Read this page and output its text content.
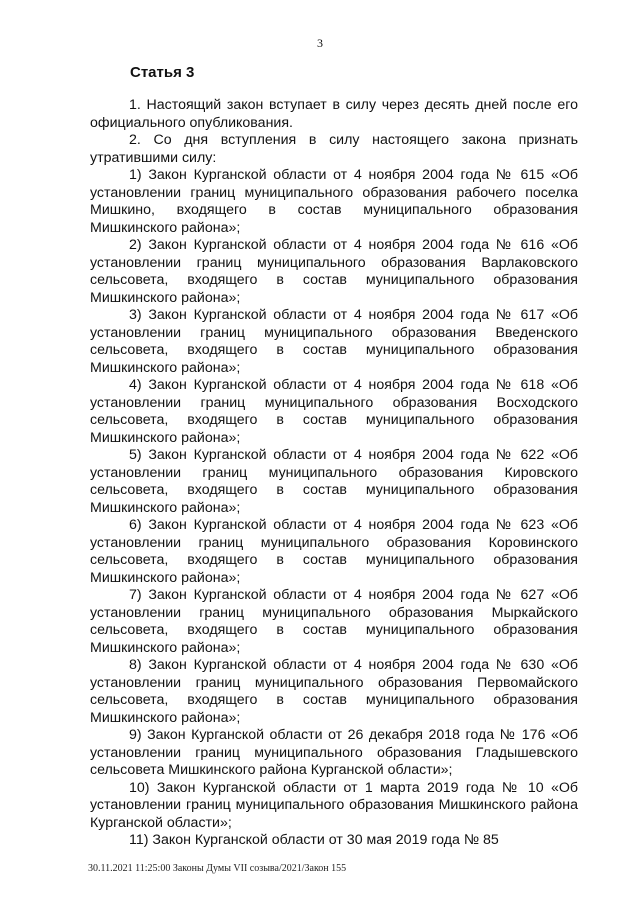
3
Статья 3

1. Настоящий закон вступает в силу через десять дней после его официального опубликования.

2. Со дня вступления в силу настоящего закона признать утратившими силу:

1) Закон Курганской области от 4 ноября 2004 года № 615 «Об установлении границ муниципального образования рабочего поселка Мишкино, входящего в состав муниципального образования Мишкинского района»;

2) Закон Курганской области от 4 ноября 2004 года № 616 «Об установлении границ муниципального образования Варлаковского сельсовета, входящего в состав муниципального образования Мишкинского района»;

3) Закон Курганской области от 4 ноября 2004 года № 617 «Об установлении границ муниципального образования Введенского сельсовета, входящего в состав муниципального образования Мишкинского района»;

4) Закон Курганской области от 4 ноября 2004 года № 618 «Об установлении границ муниципального образования Восходского сельсовета, входящего в состав муниципального образования Мишкинского района»;

5) Закон Курганской области от 4 ноября 2004 года № 622 «Об установлении границ муниципального образования Кировского сельсовета, входящего в состав муниципального образования Мишкинского района»;

6) Закон Курганской области от 4 ноября 2004 года № 623 «Об установлении границ муниципального образования Коровинского сельсовета, входящего в состав муниципального образования Мишкинского района»;

7) Закон Курганской области от 4 ноября 2004 года № 627 «Об установлении границ муниципального образования Мыркайского сельсовета, входящего в состав муниципального образования Мишкинского района»;

8) Закон Курганской области от 4 ноября 2004 года № 630 «Об установлении границ муниципального образования Первомайского сельсовета, входящего в состав муниципального образования Мишкинского района»;

9) Закон Курганской области от 26 декабря 2018 года № 176 «Об установлении границ муниципального образования Гладышевского сельсовета Мишкинского района Курганской области»;

10) Закон Курганской области от 1 марта 2019 года № 10 «Об установлении границ муниципального образования Мишкинского района Курганской области»;

11) Закон Курганской области от 30 мая 2019 года № 85

30.11.2021 11:25:00 Законы Думы VII созыва/2021/Закон 155
